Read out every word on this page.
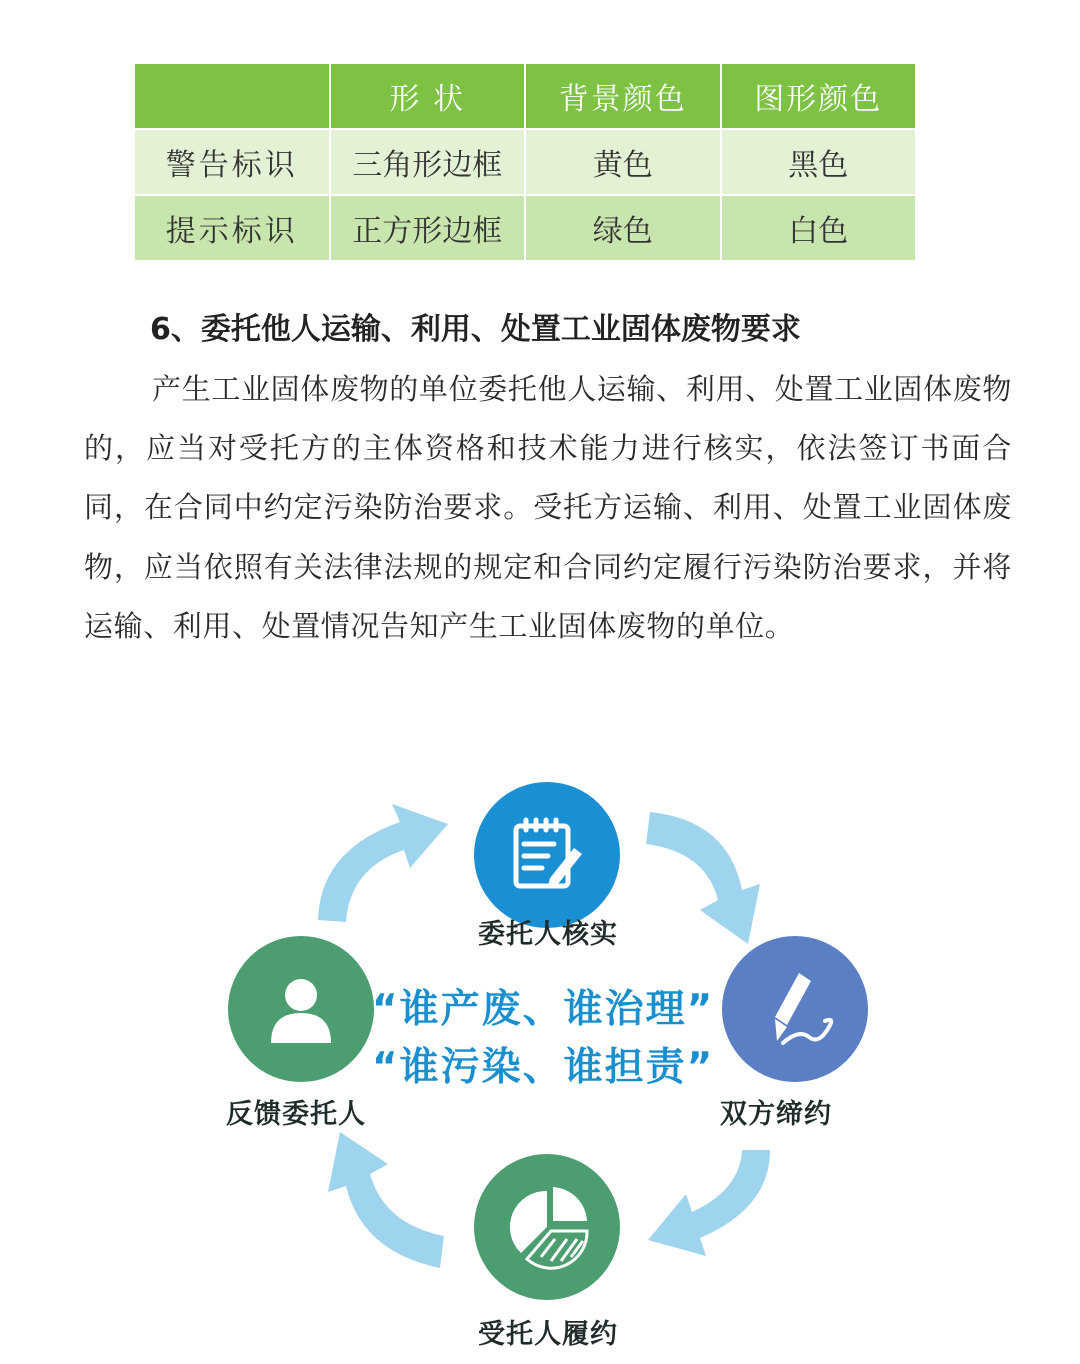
	形 状	背景颜色	图形颜色
警告标识	三角形边框	黄色	黑色
提示标识	正方形边框	绿色	白色
6、委托他人运输、利用、处置工业固体废物要求

产生工业固体废物的单位委托他人运输、利用、处置工业固体废物的，应当对受托方的主体资格和技术能力进行核实，依法签订书面合同，在合同中约定污染防治要求。受托方运输、利用、处置工业固体废物，应当依照有关法律法规的规定和合同约定履行污染防治要求，并将运输、利用、处置情况告知产生工业固体废物的单位。

委托人核实
双方缔约
受托人履约
反馈委托人
“谁产废、谁治理”
“谁污染、谁担责”
